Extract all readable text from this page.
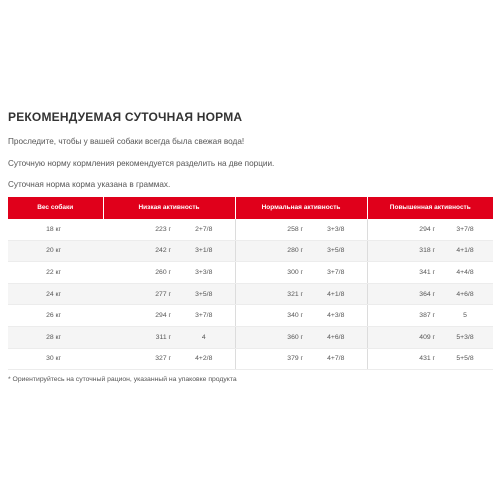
РЕКОМЕНДУЕМАЯ СУТОЧНАЯ НОРМА
Проследите, чтобы у вашей собаки всегда была свежая вода!
Суточную норму кормления рекомендуется разделить на две порции.
Суточная норма корма указана в граммах.
Вес собаки	Низкая активность		Нормальная активность		Повышенная активность	
18 кг	223 г	2+7/8	258 г	3+3/8	294 г	3+7/8
20 кг	242 г	3+1/8	280 г	3+5/8	318 г	4+1/8
22 кг	260 г	3+3/8	300 г	3+7/8	341 г	4+4/8
24 кг	277 г	3+5/8	321 г	4+1/8	364 г	4+6/8
26 кг	294 г	3+7/8	340 г	4+3/8	387 г	5
28 кг	311 г	4	360 г	4+6/8	409 г	5+3/8
30 кг	327 г	4+2/8	379 г	4+7/8	431 г	5+5/8
* Ориентируйтесь на суточный рацион, указанный на упаковке продукта
